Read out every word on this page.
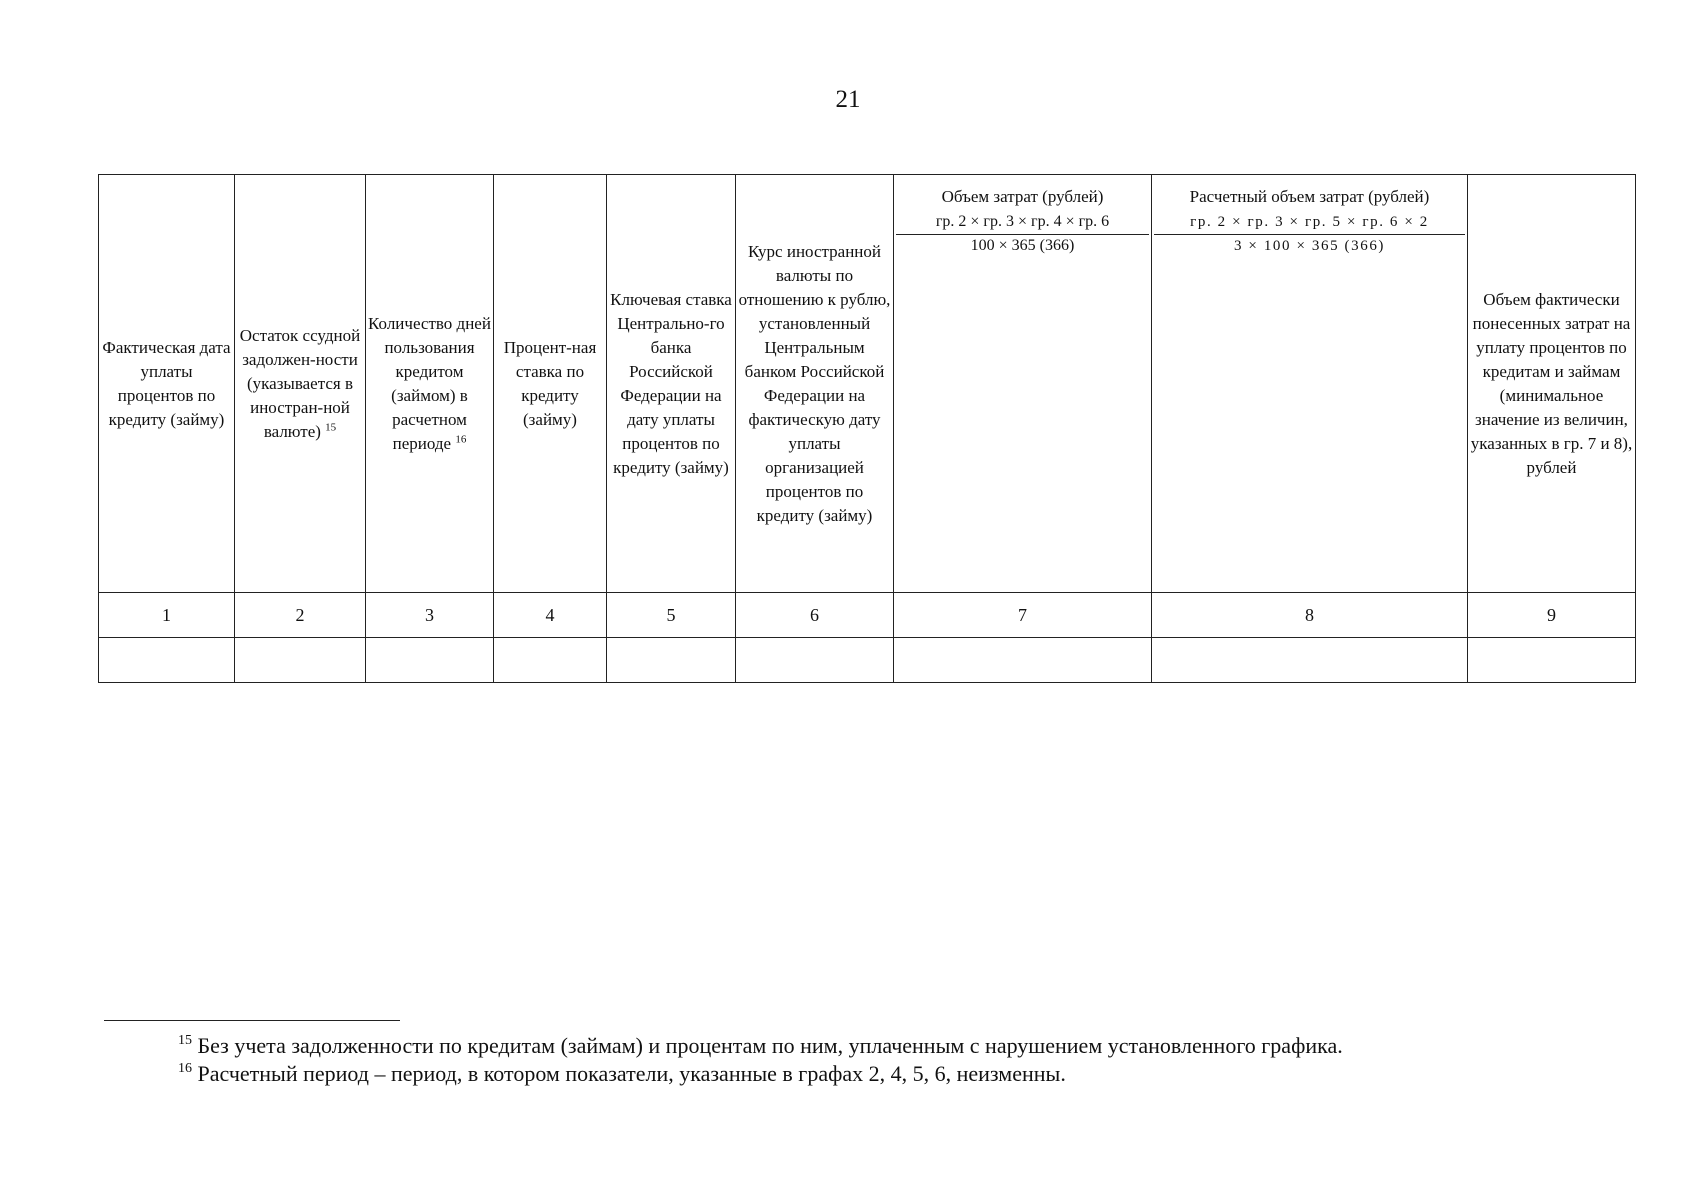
21
Фактическая дата уплаты процентов по кредиту (займу)	Остаток ссудной задолжен-ности (указывается в иностран-ной валюте) $^{15}$	Количество дней пользования кредитом (займом) в расчетном периоде $^{16}$	Процент-ная ставка по кредиту (займу)	Ключевая ставка Центрально-го банка Российской Федерации на дату уплаты процентов по кредиту (займу)	Курс иностранной валюты по отношению к рублю, установленный Центральным банком Российской Федерации на фактическую дату уплаты организацией процентов по кредиту (займу)	Объем затрат (рублей)
гр. 2 × гр. 3 × гр. 4 × гр. 6
100 × 365 (366)	Расчетный объем затрат (рублей)
гр. 2 × гр. 3 × гр. 5 × гр. 6 × 2
3 × 100 × 365 (366)	Объем фактически понесенных затрат на уплату процентов по кредитам и займам (минимальное значение из величин, указанных в гр. 7 и 8), рублей
1	2	3	4	5	6	7	8	9

$^{15}$ Без учета задолженности по кредитам (займам) и процентам по ним, уплаченным с нарушением установленного графика.

$^{16}$ Расчетный период – период, в котором показатели, указанные в графах 2, 4, 5, 6, неизменны.
